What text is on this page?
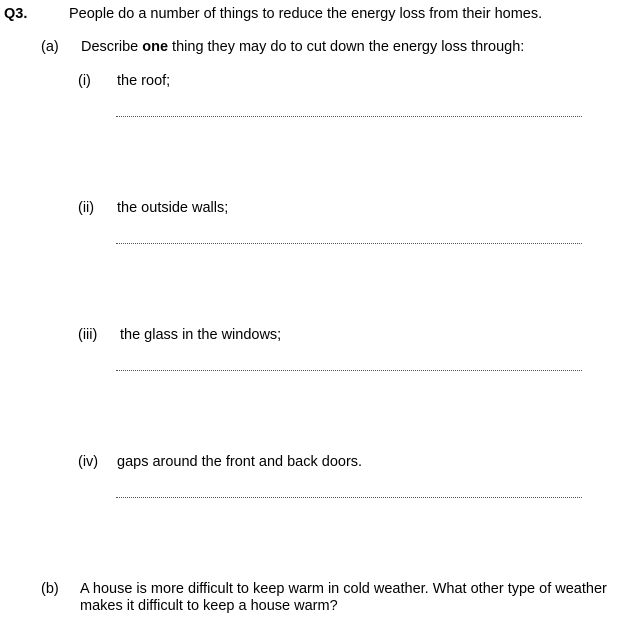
Q3.	People do a number of things to reduce the energy loss from their homes.
(a) Describe one thing they may do to cut down the energy loss through:
(i) the roof;
(ii) the outside walls;
(iii) the glass in the windows;
(iv) gaps around the front and back doors.
(b) A house is more difficult to keep warm in cold weather. What other type of weather
makes it difficult to keep a house warm?
